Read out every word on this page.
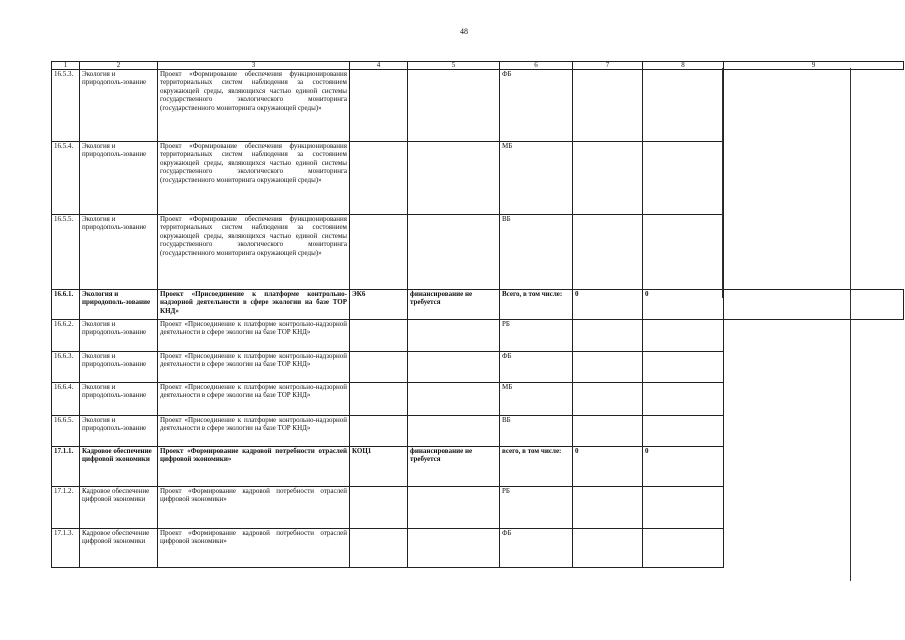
48
1	2	3	4	5	6	7	8	9
16.5.3.	Экология и природополь-зование	Проект «Формирование обеспечения функционирования территориальных систем наблюдения за состоянием окружающей среды, являющихся частью единой системы государственного экологического мониторинга (государственного мониторинга окружающей среды)»			ФБ			
16.5.4.	Экология и природополь-зование	Проект «Формирование обеспечения функционирования территориальных систем наблюдения за состоянием окружающей среды, являющихся частью единой системы государственного экологического мониторинга (государственного мониторинга окружающей среды)»			МБ			
16.5.5.	Экология и природополь-зование	Проект «Формирование обеспечения функционирования территориальных систем наблюдения за состоянием окружающей среды, являющихся частью единой системы государственного экологического мониторинга (государственного мониторинга окружающей среды)»			ВБ			
16.6.1.	Экология и природополь-зование	Проект «Присоединение к платформе контрольно-надзорной деятельности в сфере экологии на базе ТОР КНД»	ЭК6	финансирование не требуется	Всего, в том числе:	0	0	
16.6.2.	Экология и природополь-зование	Проект «Присоединение к платформе контрольно-надзорной деятельности в сфере экологии на базе ТОР КНД»			РБ			
16.6.3.	Экология и природополь-зование	Проект «Присоединение к платформе контрольно-надзорной деятельности в сфере экологии на базе ТОР КНД»			ФБ			
16.6.4.	Экология и природополь-зование	Проект «Присоединение к платформе контрольно-надзорной деятельности в сфере экологии на базе ТОР КНД»			МБ			
16.6.5.	Экология и природополь-зование	Проект «Присоединение к платформе контрольно-надзорной деятельности в сфере экологии на базе ТОР КНД»			ВБ			
17.1.1.	Кадровое обеспечение цифровой экономики	Проект «Формирование кадровой потребности отраслей цифровой экономики»	КОЦ1	финансирование не требуется	всего, в том числе:	0	0	
17.1.2.	Кадровое обеспечение цифровой экономики	Проект «Формирование кадровой потребности отраслей цифровой экономики»			РБ			
17.1.3.	Кадровое обеспечение цифровой экономики	Проект «Формирование кадровой потребности отраслей цифровой экономики»			ФБ			
